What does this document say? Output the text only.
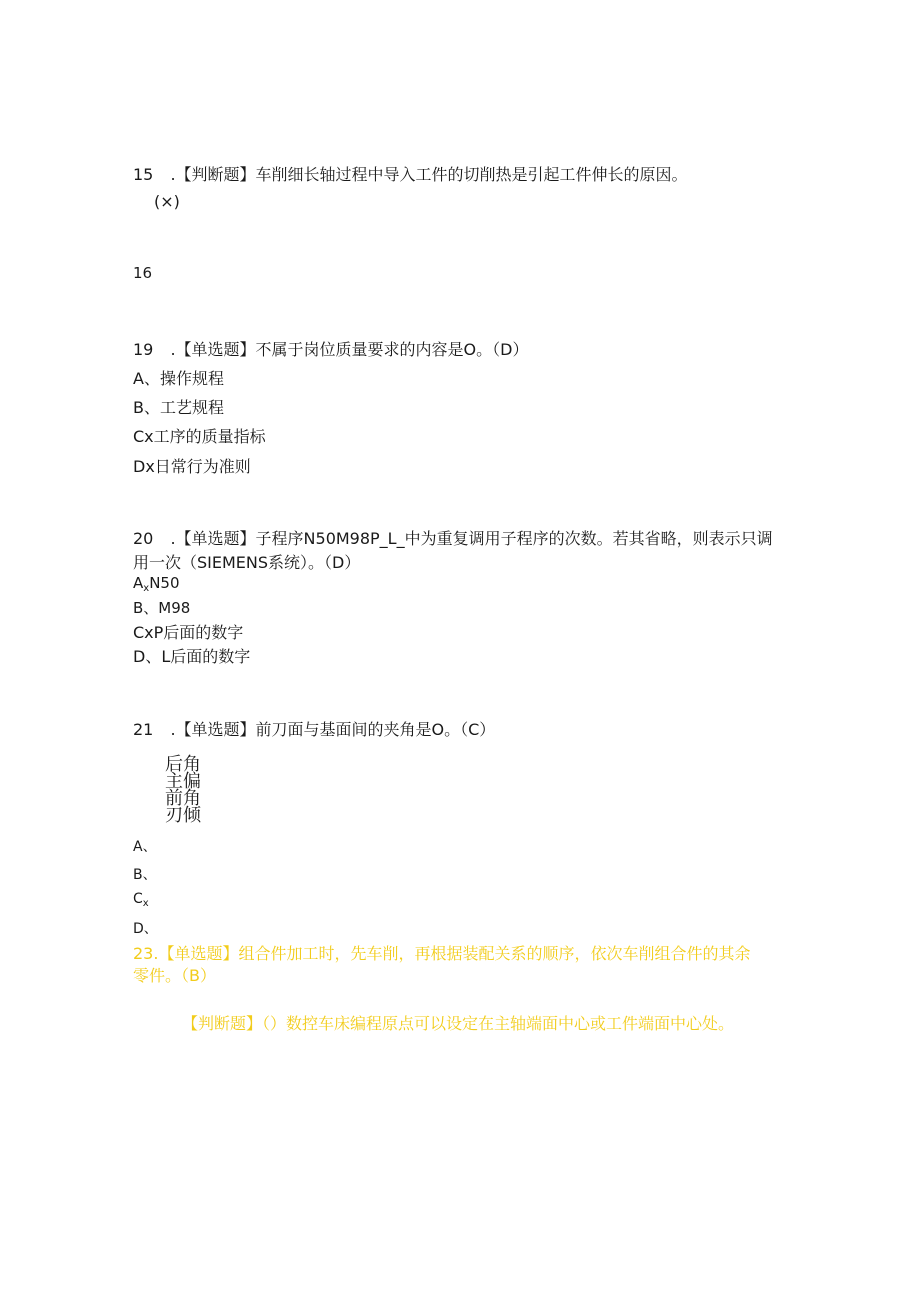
15 .【判断题】车削细长轴过程中导入工件的切削热是引起工件伸长的原因。
(×)
16
19 .【单选题】不属于岗位质量要求的内容是O。（D）
A、操作规程
B、工艺规程
Cx工序的质量指标
Dx日常行为准则
20 .【单选题】子程序N50M98P_L_中为重复调用子程序的次数。若其省略，则表示只调
用一次（SIEMENS系统）。（D）
$A_xN50$
B、M98
CxP后面的数字
D、L后面的数字
21 .【单选题】前刀面与基面间的夹角是O。（C）
后角
主偏
前角
刃倾
A、
B、
$C_x$
D、
23.【单选题】组合件加工时，先车削，再根据装配关系的顺序，依次车削组合件的其余
零件。（B）
【判断题】（）数控车床编程原点可以设定在主轴端面中心或工件端面中心处。
